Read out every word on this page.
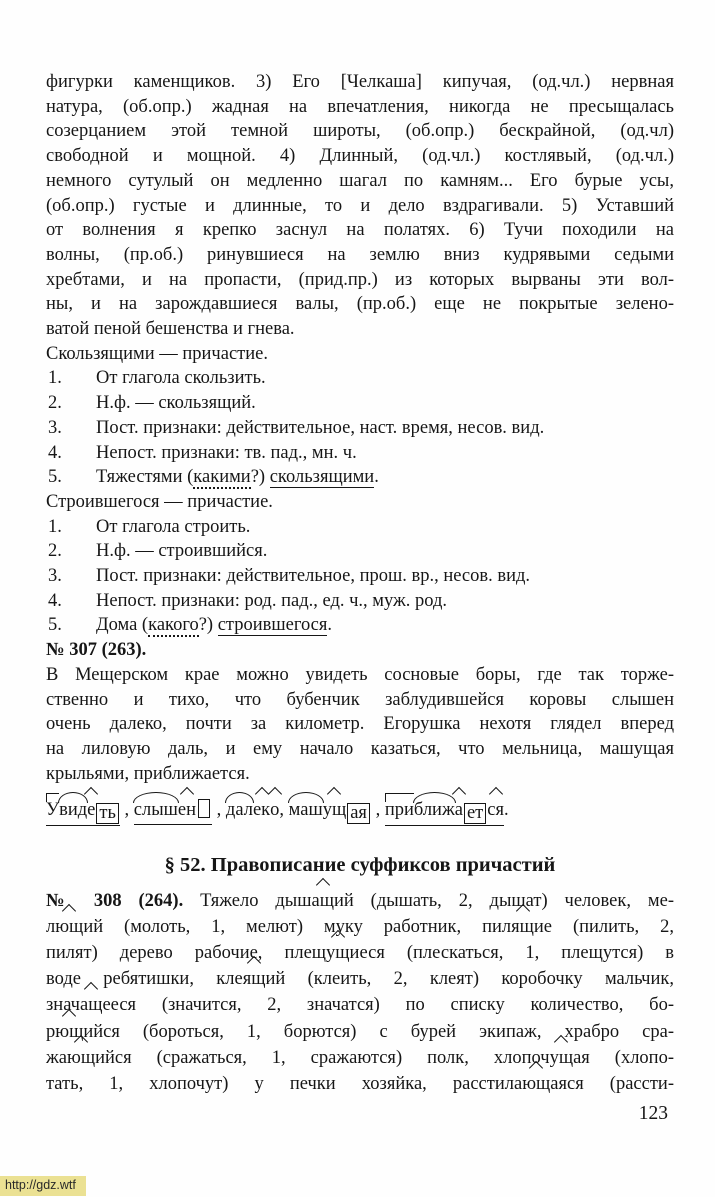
фигурки каменщиков. 3) Его [Челкаша] кипучая, (од.чл.) нервная
натура, (об.опр.) жадная на впечатления, никогда не пресыщалась
созерцанием этой темной широты, (об.опр.) бескрайной, (од.чл)
свободной и мощной. 4) Длинный, (од.чл.) костлявый, (од.чл.)
немного сутулый он медленно шагал по камням... Его бурые усы,
(об.опр.) густые и длинные, то и дело вздрагивали. 5) Уставший
от волнения я крепко заснул на полатях. 6) Тучи походили на
волны, (пр.об.) ринувшиеся на землю вниз кудрявыми седыми
хребтами, и на пропасти, (прид.пр.) из которых вырваны эти вол-
ны, и на зарождавшиеся валы, (пр.об.) еще не покрытые зелено-
ватой пеной бешенства и гнева.
Скользящими — причастие.
1. От глагола скользить.
2. Н.ф. — скользящий.
3. Пост. признаки: действительное, наст. время, несов. вид.
4. Непост. признаки: тв. пад., мн. ч.
5. Тяжестями (какими?) скользящими.
Строившегося — причастие.
1. От глагола строить.
2. Н.ф. — строившийся.
3. Пост. признаки: действительное, прош. вр., несов. вид.
4. Непост. признаки: род. пад., ед. ч., муж. род.
5. Дома (какого?) строившегося.
№ 307 (263).
В Мещерском крае можно увидеть сосновые боры, где так торже-
ственно и тихо, что бубенчик заблудившейся коровы слышен
очень далеко, почти за километр. Егорушка нехотя глядел вперед
на лиловую даль, и ему начало казаться, что мельница, машущая
крыльями, приближается.
Увиде ть , слышен , далеко, машущ ая , приближа ет ся.
§ 52. Правописание суффиксов причастий
№ 308 (264). Тяжело дышащий (дышать, 2, дышат) человек, ме-
лющий (молоть, 1, мелют) муку работник, пилящие (пилить, 2,
пилят) дерево рабочие, плещущиеся (плескаться, 1, плещутся) в
воде ребятишки, клеящий (клеить, 2, клеят) коробочку мальчик,
значащееся (значится, 2, значатся) по списку количество, бо-
рющийся (бороться, 1, борются) с бурей экипаж, храбро сра-
жающийся (сражаться, 1, сражаются) полк, хлопочущая (хлопо-
тать, 1, хлопочут) у печки хозяйка, расстилающаяся (рассти-
123
http://gdz.wtf
